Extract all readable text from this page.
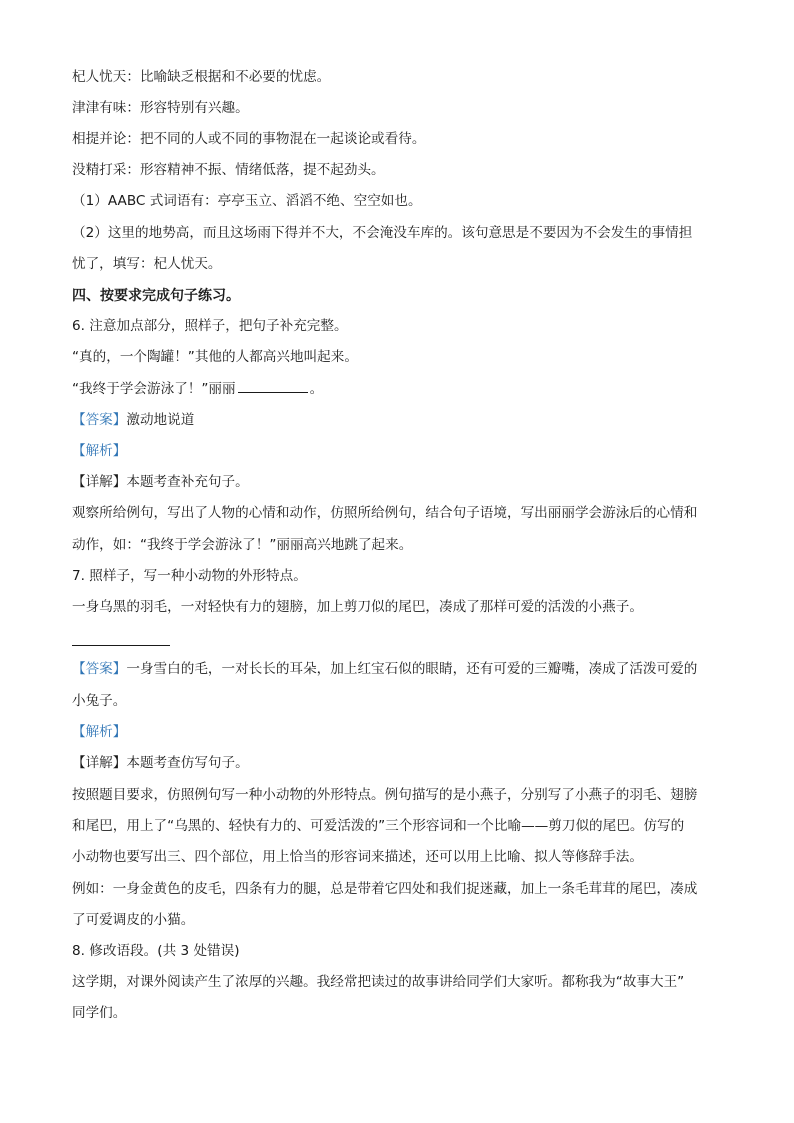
杞人忧天：比喻缺乏根据和不必要的忧虑。
津津有味：形容特别有兴趣。
相提并论：把不同的人或不同的事物混在一起谈论或看待。
没精打采：形容精神不振、情绪低落，提不起劲头。
（1）AABC 式词语有：亭亭玉立、滔滔不绝、空空如也。
（2）这里的地势高，而且这场雨下得并不大，不会淹没车库的。该句意思是不要因为不会发生的事情担
忧了，填写：杞人忧天。
四、按要求完成句子练习。
6. 注意加点部分，照样子，把句子补充完整。
“真的，一个陶罐！”其他的人都高兴地叫起来。
“我终于学会游泳了！”丽丽	。
【答案】激动地说道
【解析】
【详解】本题考查补充句子。
观察所给例句，写出了人物的心情和动作，仿照所给例句，结合句子语境，写出丽丽学会游泳后的心情和
动作，如：“我终于学会游泳了！”丽丽高兴地跳了起来。
7. 照样子，写一种小动物的外形特点。
一身乌黑的羽毛，一对轻快有力的翅膀，加上剪刀似的尾巴，凑成了那样可爱的活泼的小燕子。
【答案】一身雪白的毛，一对长长的耳朵，加上红宝石似的眼睛，还有可爱的三瓣嘴，凑成了活泼可爱的
小兔子。
【解析】
【详解】本题考查仿写句子。
按照题目要求，仿照例句写一种小动物的外形特点。例句描写的是小燕子，分别写了小燕子的羽毛、翅膀
和尾巴，用上了“乌黑的、轻快有力的、可爱活泼的”三个形容词和一个比喻——剪刀似的尾巴。仿写的
小动物也要写出三、四个部位，用上恰当的形容词来描述，还可以用上比喻、拟人等修辞手法。
例如：一身金黄色的皮毛，四条有力的腿，总是带着它四处和我们捉迷藏，加上一条毛茸茸的尾巴，凑成
了可爱调皮的小猫。
8. 修改语段。(共 3 处错误)
这学期，对课外阅读产生了浓厚的兴趣。我经常把读过的故事讲给同学们大家听。都称我为“故事大王”
同学们。
